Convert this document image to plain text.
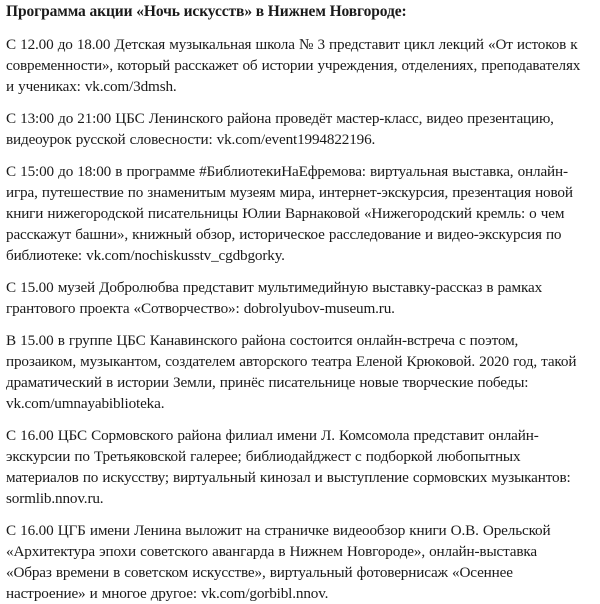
Программа акции «Ночь искусств» в Нижнем Новгороде:
С 12.00 до 18.00 Детская музыкальная школа № 3 представит цикл лекций «От истоков к
современности», который расскажет об истории учреждения, отделениях, преподавателях
и учениках: vk.com/3dmsh.
С 13:00 до 21:00 ЦБС Ленинского района проведёт мастер-класс, видео презентацию,
видеоурок русской словесности: vk.com/event1994822196.
С 15:00 до 18:00 в программе #БиблиотекиНаЕфремова: виртуальная выставка, онлайн-
игра, путешествие по знаменитым музеям мира, интернет-экскурсия, презентация новой
книги нижегородской писательницы Юлии Варнаковой «Нижегородский кремль: о чем
расскажут башни», книжный обзор, историческое расследование и видео-экскурсия по
библиотеке: vk.com/nochiskusstv_cgdbgorky.
С 15.00 музей Добролюбва представит мультимедийную выставку-рассказ в рамках
грантового проекта «Сотворчество»: dobrolyubov-museum.ru.
В 15.00 в группе ЦБС Канавинского района состоится онлайн-встреча с поэтом,
прозаиком, музыкантом, создателем авторского театра Еленой Крюковой. 2020 год, такой
драматический в истории Земли, принёс писательнице новые творческие победы:
vk.com/umnayabiblioteka.
С 16.00 ЦБС Сормовского района филиал имени Л. Комсомола представит онлайн-
экскурсии по Третьяковской галерее; библиодайджест с подборкой любопытных
материалов по искусству; виртуальный кинозал и выступление сормовских музыкантов:
sormlib.nnov.ru.
С 16.00 ЦГБ имени Ленина выложит на страничке видеообзор книги О.В. Орельской
«Архитектура эпохи советского авангарда в Нижнем Новгороде», онлайн-выставка
«Образ времени в советском искусстве», виртуальный фотовернисаж «Осеннее
настроение» и многое другое: vk.com/gorbibl.nnov.
